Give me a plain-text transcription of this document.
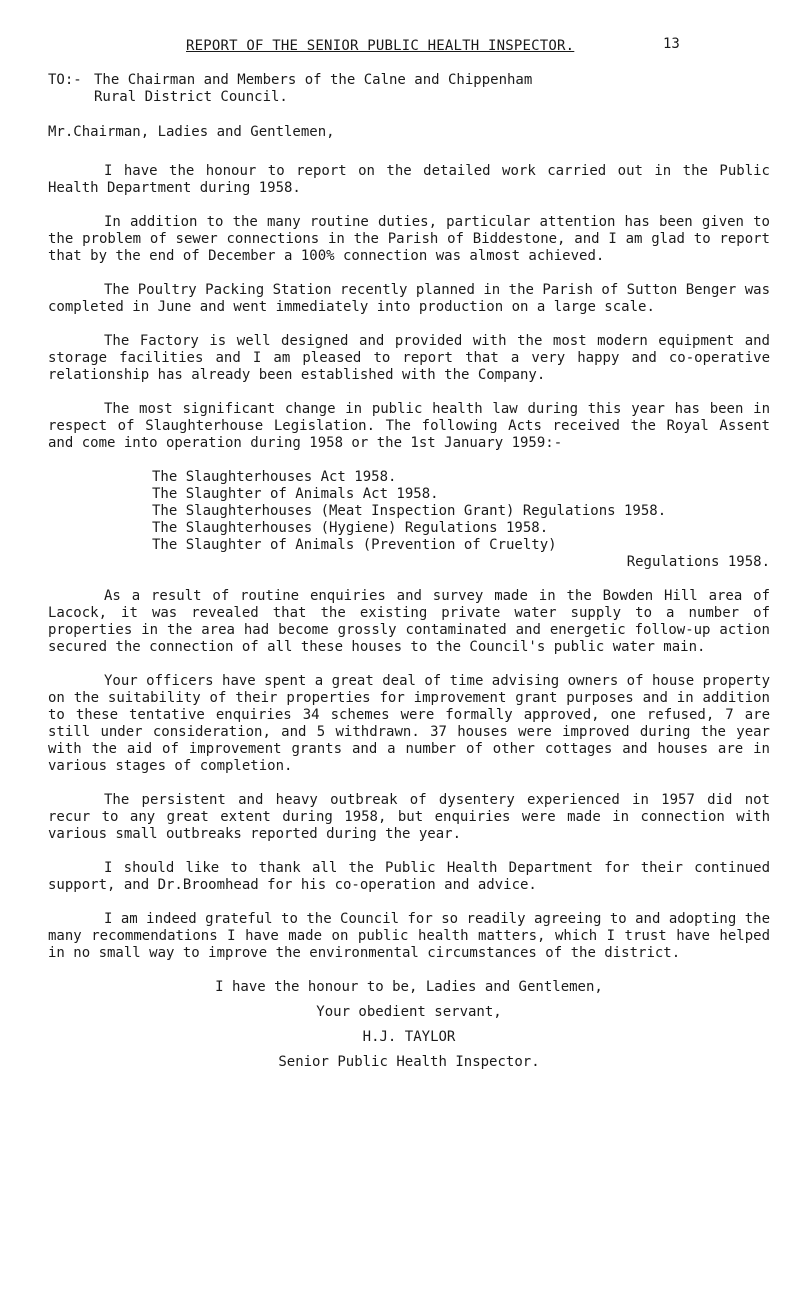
REPORT OF THE SENIOR PUBLIC HEALTH INSPECTOR.	13
TO:- The Chairman and Members of the Calne and Chippenham
Rural District Council.

Mr.Chairman, Ladies and Gentlemen,

I have the honour to report on the detailed work carried out in the Public Health Department during 1958.

In addition to the many routine duties, particular attention has been given to the problem of sewer connections in the Parish of Biddestone, and I am glad to report that by the end of December a 100% connection was almost achieved.

The Poultry Packing Station recently planned in the Parish of Sutton Benger was completed in June and went immediately into production on a large scale.

The Factory is well designed and provided with the most modern equipment and storage facilities and I am pleased to report that a very happy and co-operative relationship has already been established with the Company.

The most significant change in public health law during this year has been in respect of Slaughterhouse Legislation. The following Acts received the Royal Assent and come into operation during 1958 or the 1st January 1959:-

The Slaughterhouses Act 1958.
The Slaughter of Animals Act 1958.
The Slaughterhouses (Meat Inspection Grant) Regulations 1958.
The Slaughterhouses (Hygiene) Regulations 1958.
The Slaughter of Animals (Prevention of Cruelty)
Regulations 1958.

As a result of routine enquiries and survey made in the Bowden Hill area of Lacock, it was revealed that the existing private water supply to a number of properties in the area had become grossly contaminated and energetic follow-up action secured the connection of all these houses to the Council's public water main.

Your officers have spent a great deal of time advising owners of house property on the suitability of their properties for improvement grant purposes and in addition to these tentative enquiries 34 schemes were formally approved, one refused, 7 are still under consideration, and 5 withdrawn. 37 houses were improved during the year with the aid of improvement grants and a number of other cottages and houses are in various stages of completion.

The persistent and heavy outbreak of dysentery experienced in 1957 did not recur to any great extent during 1958, but enquiries were made in connection with various small outbreaks reported during the year.

I should like to thank all the Public Health Department for their continued support, and Dr.Broomhead for his co-operation and advice.

I am indeed grateful to the Council for so readily agreeing to and adopting the many recommendations I have made on public health matters, which I trust have helped in no small way to improve the environmental circumstances of the district.

I have the honour to be, Ladies and Gentlemen,
Your obedient servant,
H.J. TAYLOR
Senior Public Health Inspector.
